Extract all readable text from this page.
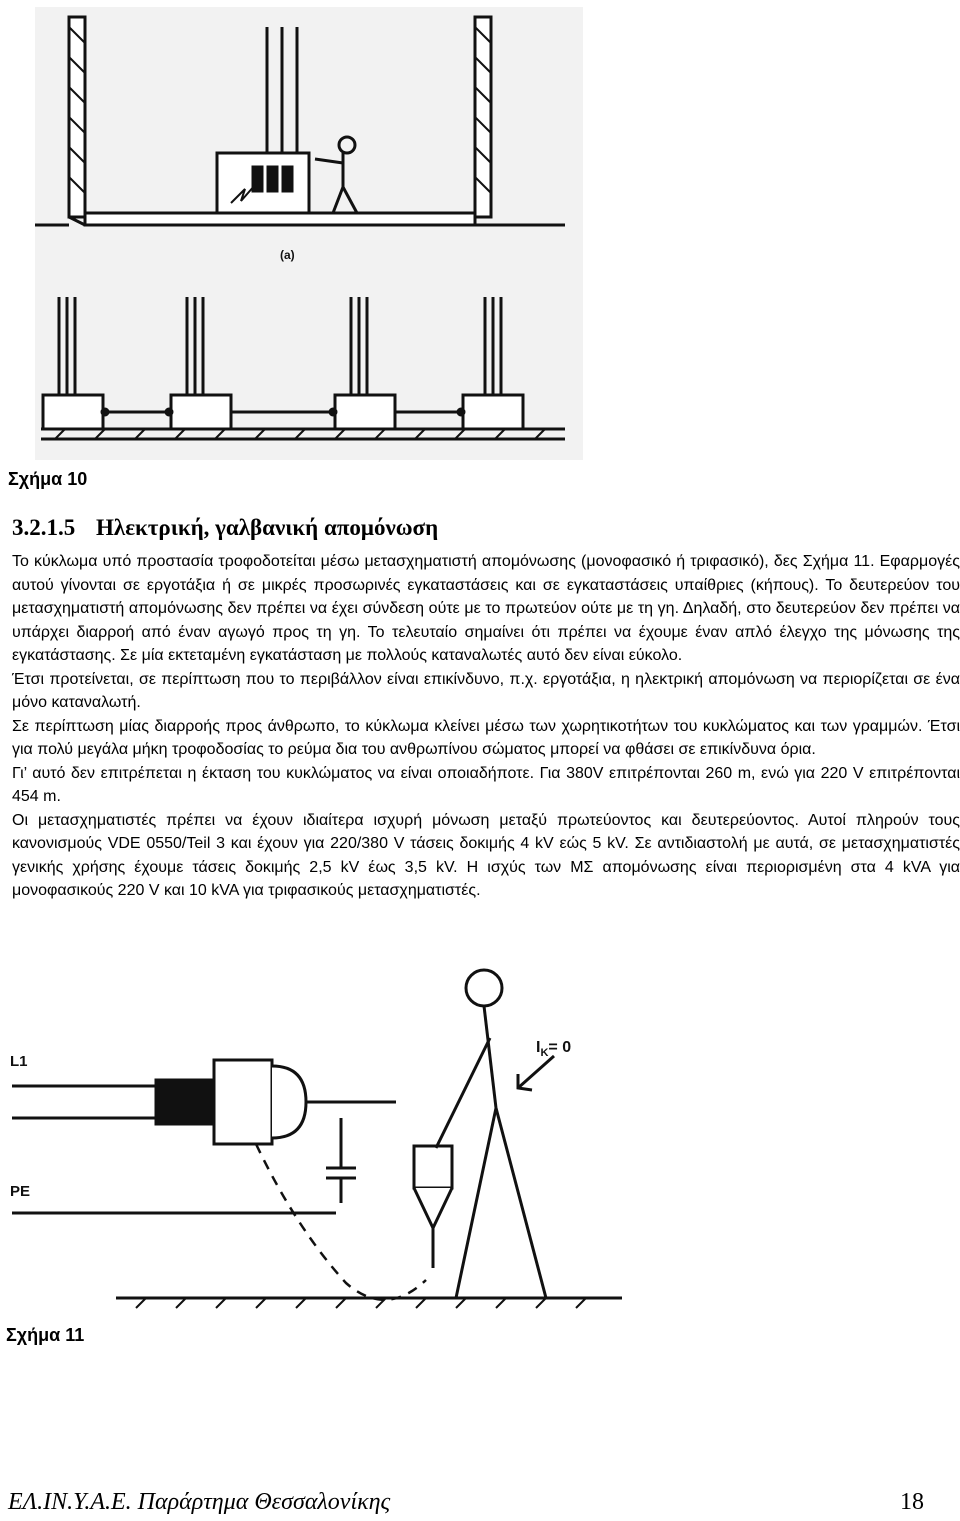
(a)
Σχήμα 10
3.2.1.5 Ηλεκτρική, γαλβανική απομόνωση

Το κύκλωμα υπό προστασία τροφοδοτείται μέσω μετασχηματιστή απομόνωσης (μονοφασικό ή τριφασικό), δες Σχήμα 11. Εφαρμογές αυτού γίνονται σε εργοτάξια ή σε μικρές προσωρινές εγκαταστάσεις και σε εγκαταστάσεις υπαίθριες (κήπους). Το δευτερεύον του μετασχηματιστή απομόνωσης δεν πρέπει να έχει σύνδεση ούτε με το πρωτεύον ούτε με τη γη. Δηλαδή, στο δευτερεύον δεν πρέπει να υπάρχει διαρροή από έναν αγωγό προς τη γη. Το τελευταίο σημαίνει ότι πρέπει να έχουμε έναν απλό έλεγχο της μόνωσης της εγκατάστασης. Σε μία εκτεταμένη εγκατάσταση με πολλούς καταναλωτές αυτό δεν είναι εύκολο.

Έτσι προτείνεται, σε περίπτωση που το περιβάλλον είναι επικίνδυνο, π.χ. εργοτάξια, η ηλεκτρική απομόνωση να περιορίζεται σε ένα μόνο καταναλωτή.

Σε περίπτωση μίας διαρροής προς άνθρωπο, το κύκλωμα κλείνει μέσω των χωρητικοτήτων του κυκλώματος και των γραμμών. Έτσι για πολύ μεγάλα μήκη τροφοδοσίας το ρεύμα δια του ανθρωπίνου σώματος μπορεί να φθάσει σε επικίνδυνα όρια.

Γι’ αυτό δεν επιτρέπεται η έκταση του κυκλώματος να είναι οποιαδήποτε. Για 380V επιτρέπονται 260 m, ενώ για 220 V επιτρέπονται 454 m.

Οι μετασχηματιστές πρέπει να έχουν ιδιαίτερα ισχυρή μόνωση μεταξύ πρωτεύοντος και δευτερεύοντος. Αυτοί πληρούν τους κανονισμούς VDE 0550/Teil 3 και έχουν για 220/380 V τάσεις δοκιμής 4 kV εώς 5 kV. Σε αντιδιαστολή με αυτά, σε μετασχηματιστές γενικής χρήσης έχουμε τάσεις δοκιμής 2,5 kV έως 3,5 kV. Η ισχύς των ΜΣ απομόνωσης είναι περιορισμένη στα 4 kVA για μονοφασικούς 220 V και 10 kVA για τριφασικούς μετασχηματιστές.

L1
PE
$I_K= 0$
Σχήμα 11
ΕΛ.ΙΝ.Υ.Α.Ε. Παράρτημα Θεσσαλονίκης	18
